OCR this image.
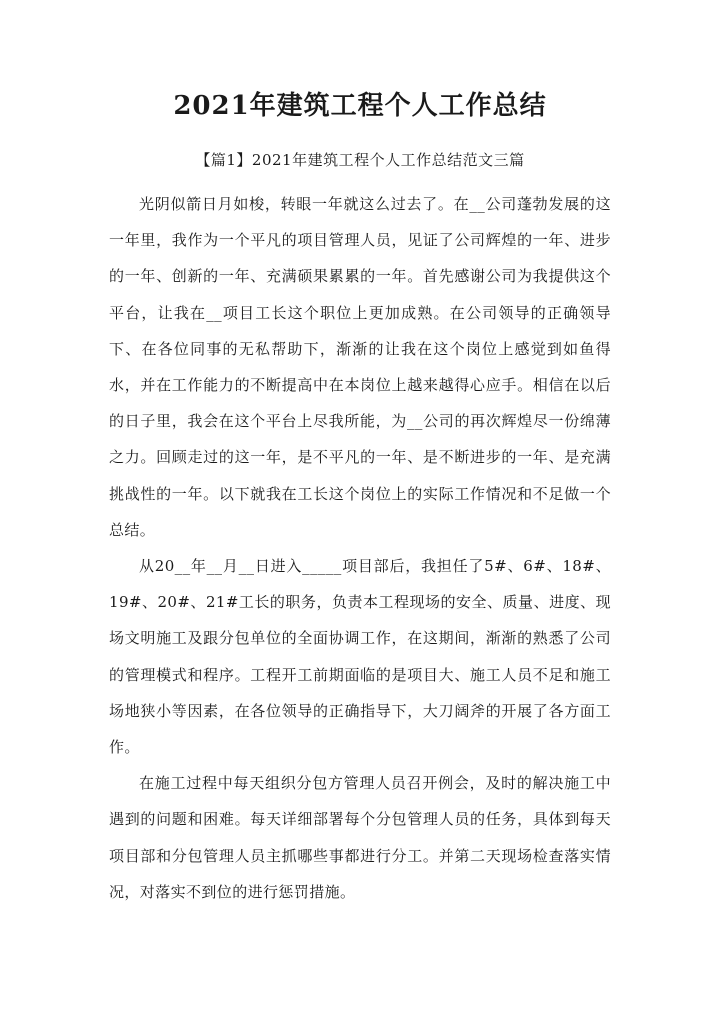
2021年建筑工程个人工作总结
【篇1】2021年建筑工程个人工作总结范文三篇

光阴似箭日月如梭，转眼一年就这么过去了。在__公司蓬勃发展的这一年里，我作为一个平凡的项目管理人员，见证了公司辉煌的一年、进步的一年、创新的一年、充满硕果累累的一年。首先感谢公司为我提供这个平台，让我在__项目工长这个职位上更加成熟。在公司领导的正确领导下、在各位同事的无私帮助下，渐渐的让我在这个岗位上感觉到如鱼得水，并在工作能力的不断提高中在本岗位上越来越得心应手。相信在以后的日子里，我会在这个平台上尽我所能，为__公司的再次辉煌尽一份绵薄之力。回顾走过的这一年，是不平凡的一年、是不断进步的一年、是充满挑战性的一年。以下就我在工长这个岗位上的实际工作情况和不足做一个总结。

从20__年__月__日进入_____项目部后，我担任了5#、6#、18#、19#、20#、21#工长的职务，负责本工程现场的安全、质量、进度、现场文明施工及跟分包单位的全面协调工作，在这期间，渐渐的熟悉了公司的管理模式和程序。工程开工前期面临的是项目大、施工人员不足和施工场地狭小等因素，在各位领导的正确指导下，大刀阔斧的开展了各方面工作。

在施工过程中每天组织分包方管理人员召开例会，及时的解决施工中遇到的问题和困难。每天详细部署每个分包管理人员的任务，具体到每天项目部和分包管理人员主抓哪些事都进行分工。并第二天现场检查落实情况，对落实不到位的进行惩罚措施。
